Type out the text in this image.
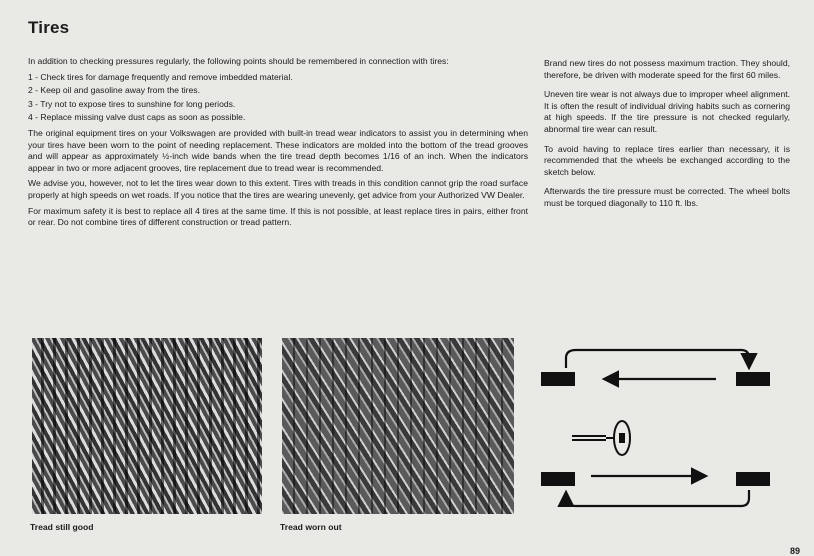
Tires

In addition to checking pressures regularly, the following points should be remembered in connection with tires:

1 - Check tires for damage frequently and remove imbedded material.
2 - Keep oil and gasoline away from the tires.
3 - Try not to expose tires to sunshine for long periods.
4 - Replace missing valve dust caps as soon as possible.

The original equipment tires on your Volkswagen are provided with built-in tread wear indicators to assist you in determining when your tires have been worn to the point of needing replacement. These indicators are molded into the bottom of the tread grooves and will appear as approximately ½-inch wide bands when the tire tread depth becomes 1/16 of an inch. When the indicators appear in two or more adjacent grooves, tire replacement due to tread wear is recommended.

We advise you, however, not to let the tires wear down to this extent. Tires with treads in this condition cannot grip the road surface properly at high speeds on wet roads. If you notice that the tires are wearing unevenly, get advice from your Authorized VW Dealer.

For maximum safety it is best to replace all 4 tires at the same time. If this is not possible, at least replace tires in pairs, either front or rear. Do not combine tires of different construction or tread pattern.

Brand new tires do not possess maximum traction. They should, therefore, be driven with moderate speed for the first 60 miles.

Uneven tire wear is not always due to improper wheel alignment. It is often the result of individual driving habits such as cornering at high speeds. If the tire pressure is not checked regularly, abnormal tire wear can result.

To avoid having to replace tires earlier than necessary, it is recommended that the wheels be exchanged according to the sketch below.

Afterwards the tire pressure must be corrected. The wheel bolts must be torqued diagonally to 110 ft. lbs.

Tread still good	Tread worn out
89
